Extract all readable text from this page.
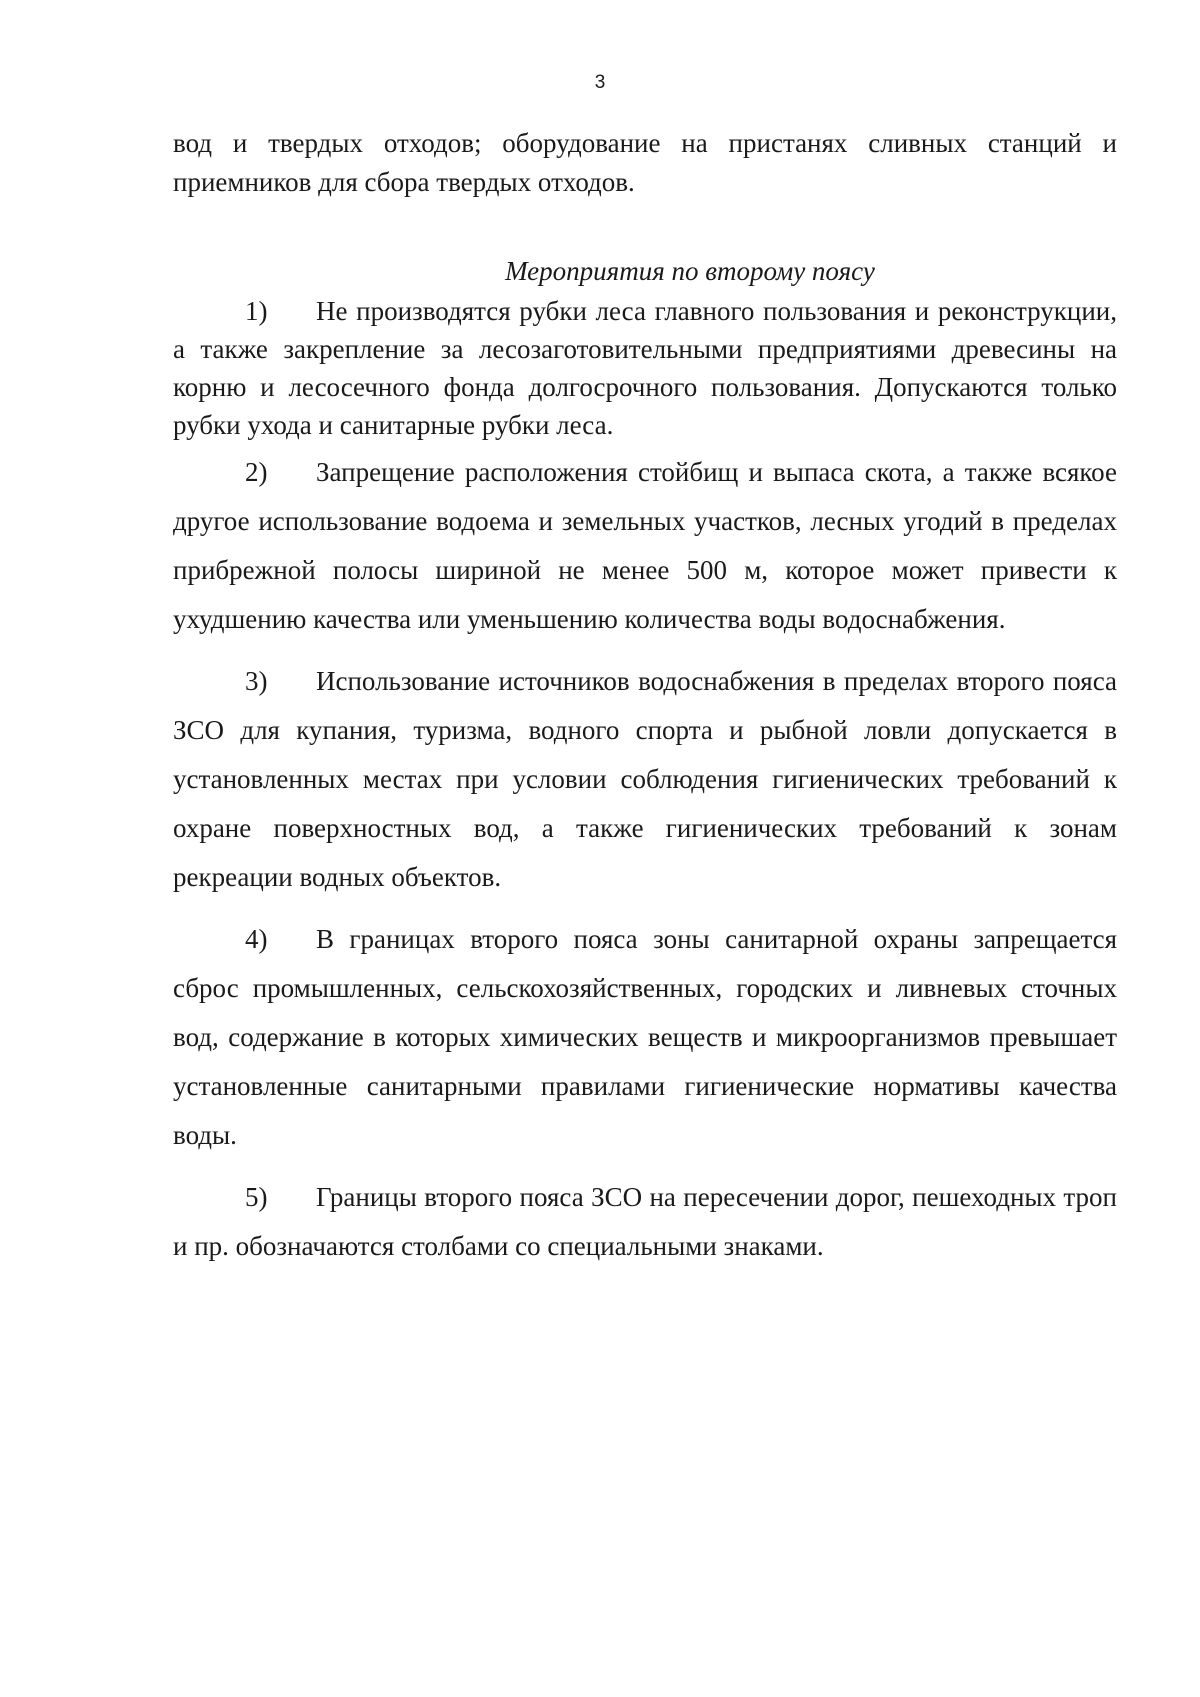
3

вод и твердых отходов; оборудование на пристанях сливных станций и приемников для сбора твердых отходов.

Мероприятия по второму поясу

1) Не производятся рубки леса главного пользования и реконструкции, а также закрепление за лесозаготовительными предприятиями древесины на корню и лесосечного фонда долгосрочного пользования. Допускаются только рубки ухода и санитарные рубки леса.

2) Запрещение расположения стойбищ и выпаса скота, а также всякое другое использование водоема и земельных участков, лесных угодий в пределах прибрежной полосы шириной не менее 500 м, которое может привести к ухудшению качества или уменьшению количества воды водоснабжения.

3) Использование источников водоснабжения в пределах второго пояса ЗСО для купания, туризма, водного спорта и рыбной ловли допускается в установленных местах при условии соблюдения гигиенических требований к охране поверхностных вод, а также гигиенических требований к зонам рекреации водных объектов.

4) В границах второго пояса зоны санитарной охраны запрещается сброс промышленных, сельскохозяйственных, городских и ливневых сточных вод, содержание в которых химических веществ и микроорганизмов превышает установленные санитарными правилами гигиенические нормативы качества воды.

5) Границы второго пояса ЗСО на пересечении дорог, пешеходных троп и пр. обозначаются столбами со специальными знаками.
